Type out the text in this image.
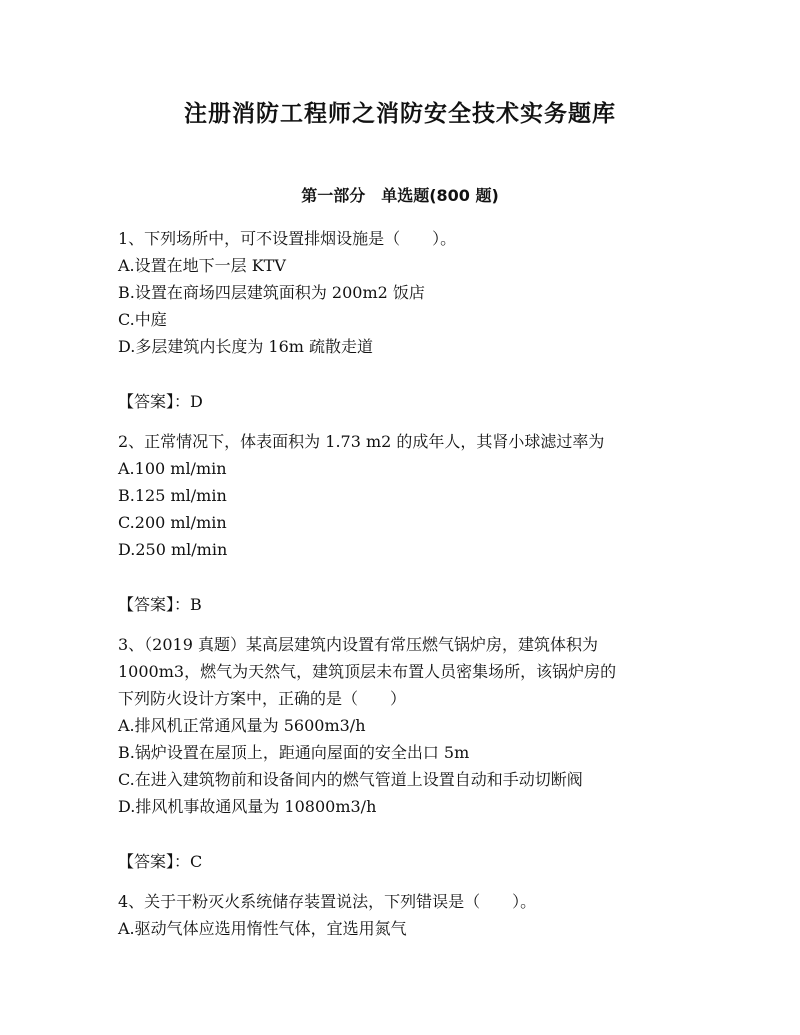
注册消防工程师之消防安全技术实务题库
第一部分　单选题(800 题)
1、下列场所中，可不设置排烟设施是（　　）。
A.设置在地下一层 KTV
B.设置在商场四层建筑面积为 200m2 饭店
C.中庭
D.多层建筑内长度为 16m 疏散走道
【答案】：D
2、正常情况下，体表面积为 1.73 m2 的成年人，其肾小球滤过率为
A.100 ml/min
B.125 ml/min
C.200 ml/min
D.250 ml/min
【答案】：B
3、（2019 真题）某高层建筑内设置有常压燃气锅炉房，建筑体积为
1000m3，燃气为天然气，建筑顶层未布置人员密集场所，该锅炉房的
下列防火设计方案中，正确的是（　　）
A.排风机正常通风量为 5600m3/h
B.锅炉设置在屋顶上，距通向屋面的安全出口 5m
C.在进入建筑物前和设备间内的燃气管道上设置自动和手动切断阀
D.排风机事故通风量为 10800m3/h
【答案】：C
4、关于干粉灭火系统储存装置说法，下列错误是（　　）。
A.驱动气体应选用惰性气体，宜选用氮气
